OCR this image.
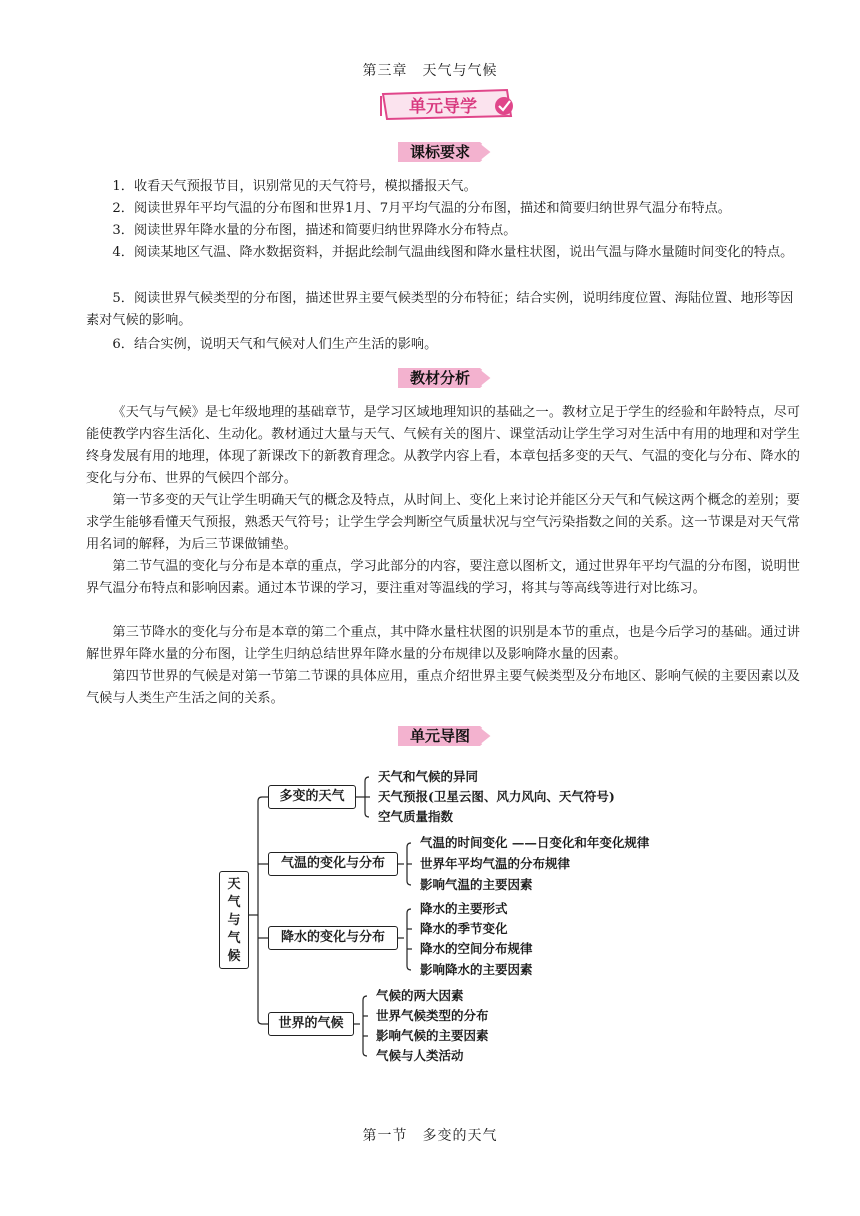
第三章　天气与气候
单元导学
课标要求

1．收看天气预报节目，识别常见的天气符号，模拟播报天气。

2．阅读世界年平均气温的分布图和世界1月、7月平均气温的分布图，描述和简要归纳世界气温分布特点。

3．阅读世界年降水量的分布图，描述和简要归纳世界降水分布特点。

4．阅读某地区气温、降水数据资料，并据此绘制气温曲线图和降水量柱状图，说出气温与降水量随时间变化的特点。

5．阅读世界气候类型的分布图，描述世界主要气候类型的分布特征；结合实例，说明纬度位置、海陆位置、地形等因素对气候的影响。

6．结合实例，说明天气和气候对人们生产生活的影响。

教材分析

《天气与气候》是七年级地理的基础章节，是学习区域地理知识的基础之一。教材立足于学生的经验和年龄特点，尽可能使教学内容生活化、生动化。教材通过大量与天气、气候有关的图片、课堂活动让学生学习对生活中有用的地理和对学生终身发展有用的地理，体现了新课改下的新教育理念。从教学内容上看，本章包括多变的天气、气温的变化与分布、降水的变化与分布、世界的气候四个部分。

第一节多变的天气让学生明确天气的概念及特点，从时间上、变化上来讨论并能区分天气和气候这两个概念的差别；要求学生能够看懂天气预报，熟悉天气符号；让学生学会判断空气质量状况与空气污染指数之间的关系。这一节课是对天气常用名词的解释，为后三节课做铺垫。

第二节气温的变化与分布是本章的重点，学习此部分的内容，要注意以图析文，通过世界年平均气温的分布图，说明世界气温分布特点和影响因素。通过本节课的学习，要注重对等温线的学习，将其与等高线等进行对比练习。

第三节降水的变化与分布是本章的第二个重点，其中降水量柱状图的识别是本节的重点，也是今后学习的基础。通过讲解世界年降水量的分布图，让学生归纳总结世界年降水量的分布规律以及影响降水量的因素。

第四节世界的气候是对第一节第二节课的具体应用，重点介绍世界主要气候类型及分布地区、影响气候的主要因素以及气候与人类生产生活之间的关系。

单元导图
天气与气候
多变的天气
气温的变化与分布
降水的变化与分布
世界的气候
天气和气候的异同
天气预报(卫星云图、风力风向、天气符号)
空气质量指数
气温的时间变化 ——日变化和年变化规律
世界年平均气温的分布规律
影响气温的主要因素
降水的主要形式
降水的季节变化
降水的空间分布规律
影响降水的主要因素
气候的两大因素
世界气候类型的分布
影响气候的主要因素
气候与人类活动
第一节　多变的天气
